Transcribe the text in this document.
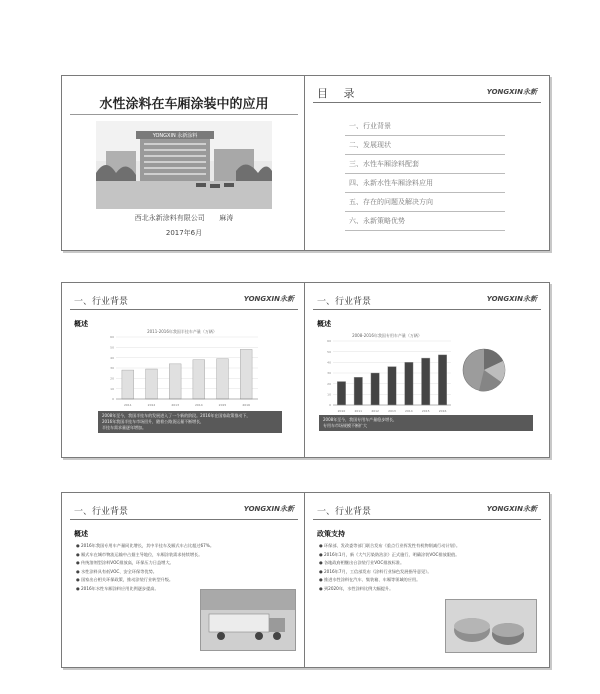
水性涂料在车厢涂装中的应用
YONGXIN 永新涂料
西北永新涂料有限公司 麻涛
2017年6月
目 录	YONGXIN永新
一、行业背景
二、发展现状
三、水性车厢涂料配套
四、永新水性车厢涂料应用
五、存在的问题及解决方向
六、永新策略优势
一、行业背景	YONGXIN永新
概述
2011-2016年我国半挂车产量（万辆）
0
10
20
30
40
50
60
2011	2012	2013	2014	2015	2016
2008年至今，我国半挂车的发展进入了一个新的阶段。2016年在国家政策推动下，
2016年我国半挂车市场回升，随着公路货运量不断增长，
半挂车需求量逐年增加。
一、行业背景	YONGXIN永新
概述
2008-2016年我国专用车产量（万辆）
0
10
20
30
40
50
60
2010	2011	2012	2013	2014	2015	2016
2008年至今，我国专用车产量稳步增长，
专用车市场规模不断扩大
一、行业背景	YONGXIN永新
概述

● 2016年我国专用车产量同比增长，其中半挂车及厢式车占比超过67%。

● 厢式车在城市物流运输中占据主导地位，车厢涂装需求持续增长。

● 传统溶剂型涂料VOC排放高，环保压力日益增大。

● 水性涂料具有低VOC、安全环保等优势。

● 国家出台相关环保政策，推动涂装行业转型升级。

● 2016年水性车厢涂料应用比例逐步提高。

一、行业背景	YONGXIN永新
政策支持

● 环保部、发改委等部门联合发布《重点行业挥发性有机物削减行动计划》。

● 2016年1月，新《大气污染防治法》正式施行，明确涂装VOC排放限值。

● 各地政府相继出台涂装行业VOC排放标准。

● 2016年7月，工信部发布《涂料行业绿色发展指导意见》。

● 推进水性涂料在汽车、集装箱、车厢等领域的应用。

● 到2020年，水性涂料比例大幅提升。
